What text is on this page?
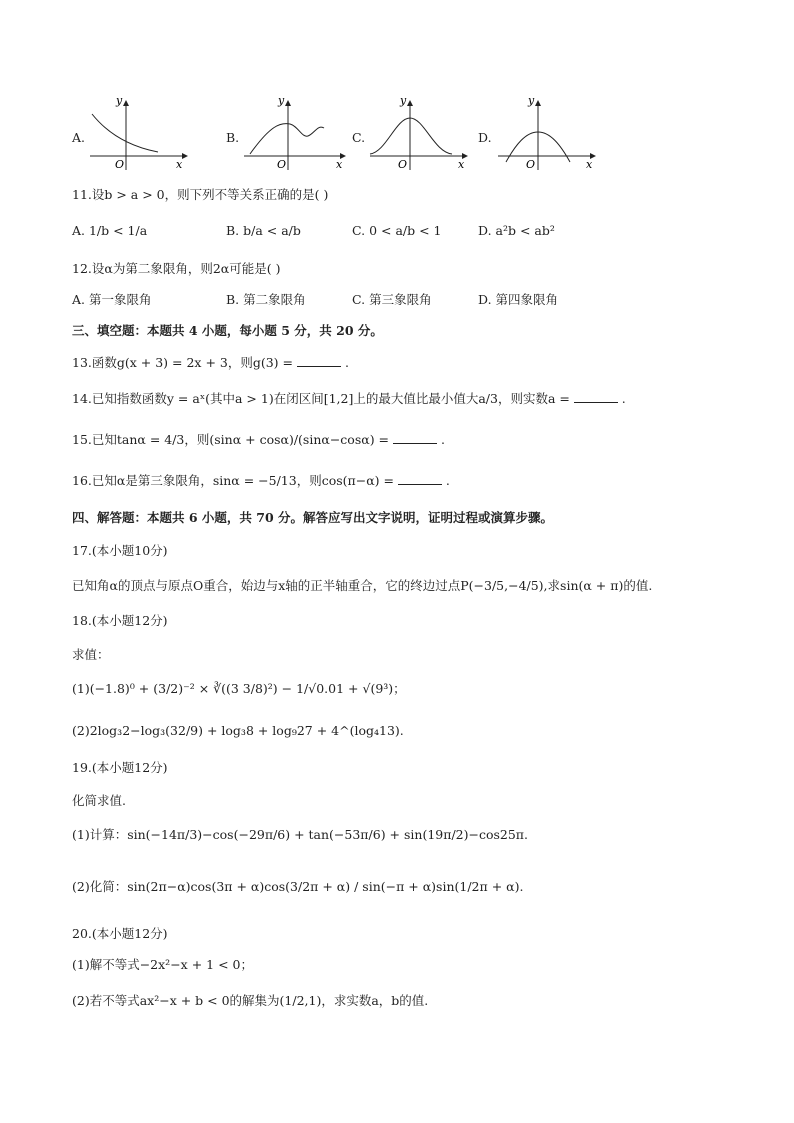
A.
y
x
O
B.
y
x
O
C.
y
x
O
D.
y
x
O
11.设b > a > 0，则下列不等关系正确的是( )
A. 1/b < 1/a	B. b/a < a/b	C. 0 < a/b < 1	D. a²b < ab²
12.设α为第二象限角，则2α可能是( )
A. 第一象限角	B. 第二象限角	C. 第三象限角	D. 第四象限角
三、填空题：本题共 4 小题，每小题 5 分，共 20 分。
13.函数g(x + 3) = 2x + 3，则g(3) =	.
14.已知指数函数y = aˣ(其中a > 1)在闭区间[1,2]上的最大值比最小值大a/3，则实数a =	.
15.已知tanα = 4/3，则(sinα + cosα)/(sinα−cosα) =	.
16.已知α是第三象限角，sinα = −5/13，则cos(π−α) =	.
四、解答题：本题共 6 小题，共 70 分。解答应写出文字说明，证明过程或演算步骤。
17.(本小题10分)
已知角α的顶点与原点O重合，始边与x轴的正半轴重合，它的终边过点P(−3/5,−4/5),求sin(α + π)的值.
18.(本小题12分)
求值：
(1)(−1.8)⁰ + (3/2)⁻² × ∛((3 3/8)²) − 1/√0.01 + √(9³)；
(2)2log₃2−log₃(32/9) + log₃8 + log₉27 + 4^(log₄13).
19.(本小题12分)
化简求值.
(1)计算：sin(−14π/3)−cos(−29π/6) + tan(−53π/6) + sin(19π/2)−cos25π.
(2)化简：sin(2π−α)cos(3π + α)cos(3/2π + α) / sin(−π + α)sin(1/2π + α).
20.(本小题12分)
(1)解不等式−2x²−x + 1 < 0；
(2)若不等式ax²−x + b < 0的解集为(1/2,1)，求实数a，b的值.
